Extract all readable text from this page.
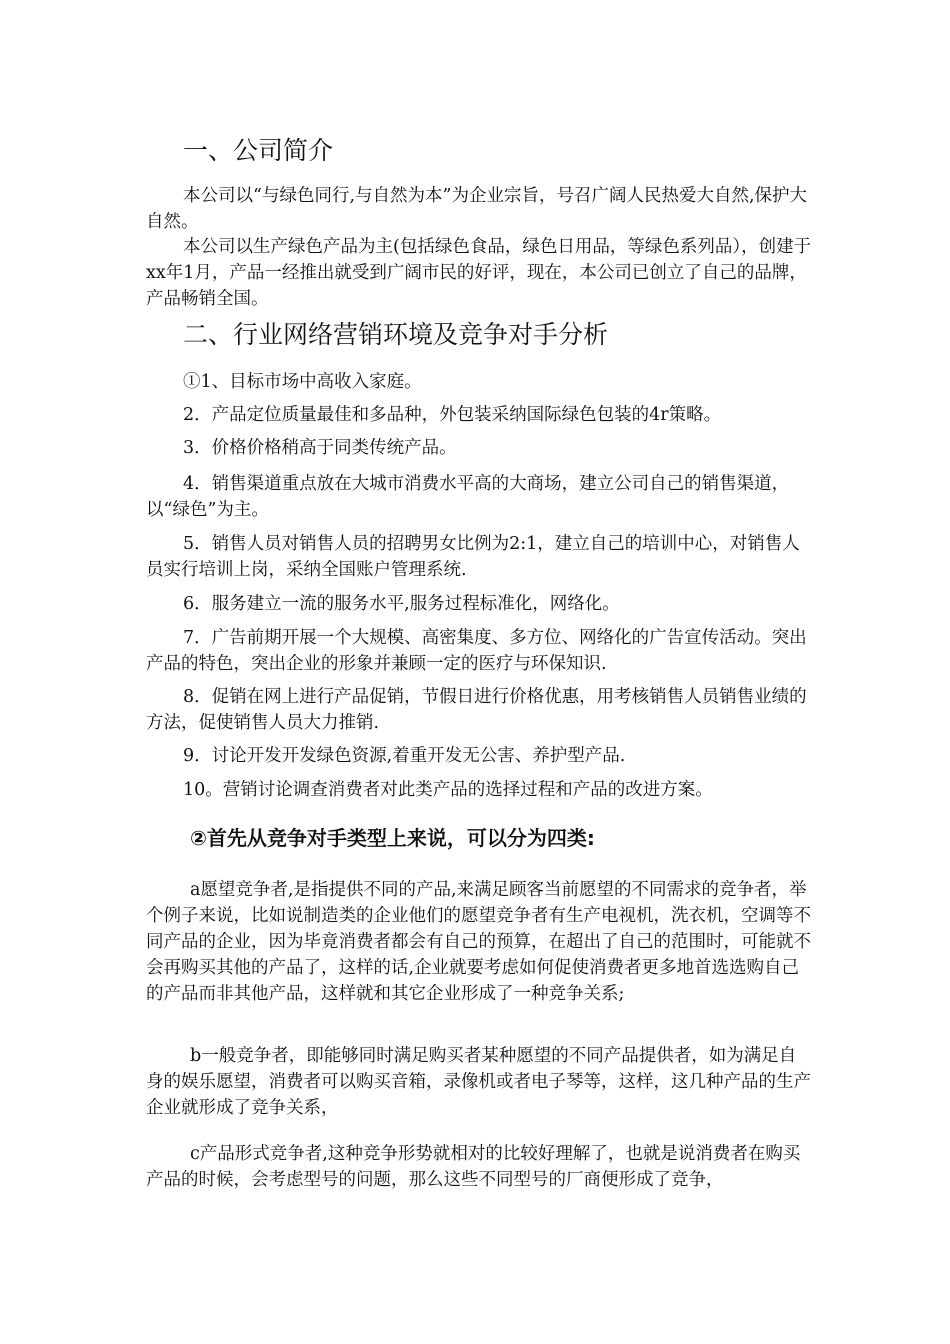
一、公司简介

本公司以“与绿色同行,与自然为本”为企业宗旨，号召广阔人民热爱大自然,保护大自然。

本公司以生产绿色产品为主(包括绿色食品，绿色日用品，等绿色系列品），创建于xx年1月，产品一经推出就受到广阔市民的好评，现在，本公司已创立了自己的品牌，产品畅销全国。

二、行业网络营销环境及竞争对手分析

①1、目标市场中高收入家庭。

2．产品定位质量最佳和多品种，外包装采纳国际绿色包装的4r策略。

3．价格价格稍高于同类传统产品。

4．销售渠道重点放在大城市消费水平高的大商场，建立公司自己的销售渠道，以“绿色”为主。

5．销售人员对销售人员的招聘男女比例为2:1，建立自己的培训中心，对销售人员实行培训上岗，采纳全国账户管理系统.

6．服务建立一流的服务水平,服务过程标准化，网络化。

7．广告前期开展一个大规模、高密集度、多方位、网络化的广告宣传活动。突出产品的特色，突出企业的形象并兼顾一定的医疗与环保知识.

8．促销在网上进行产品促销，节假日进行价格优惠，用考核销售人员销售业绩的方法，促使销售人员大力推销.

9．讨论开发开发绿色资源,着重开发无公害、养护型产品.

10。营销讨论调查消费者对此类产品的选择过程和产品的改进方案。

②首先从竞争对手类型上来说，可以分为四类:

a愿望竞争者,是指提供不同的产品,来满足顾客当前愿望的不同需求的竞争者，举个例子来说，比如说制造类的企业他们的愿望竞争者有生产电视机，洗衣机，空调等不同产品的企业，因为毕竟消费者都会有自己的预算，在超出了自己的范围时，可能就不会再购买其他的产品了，这样的话,企业就要考虑如何促使消费者更多地首选选购自己的产品而非其他产品，这样就和其它企业形成了一种竞争关系;

b一般竞争者，即能够同时满足购买者某种愿望的不同产品提供者，如为满足自身的娱乐愿望，消费者可以购买音箱，录像机或者电子琴等，这样，这几种产品的生产企业就形成了竞争关系，

c产品形式竞争者,这种竞争形势就相对的比较好理解了，也就是说消费者在购买产品的时候，会考虑型号的问题，那么这些不同型号的厂商便形成了竞争，
